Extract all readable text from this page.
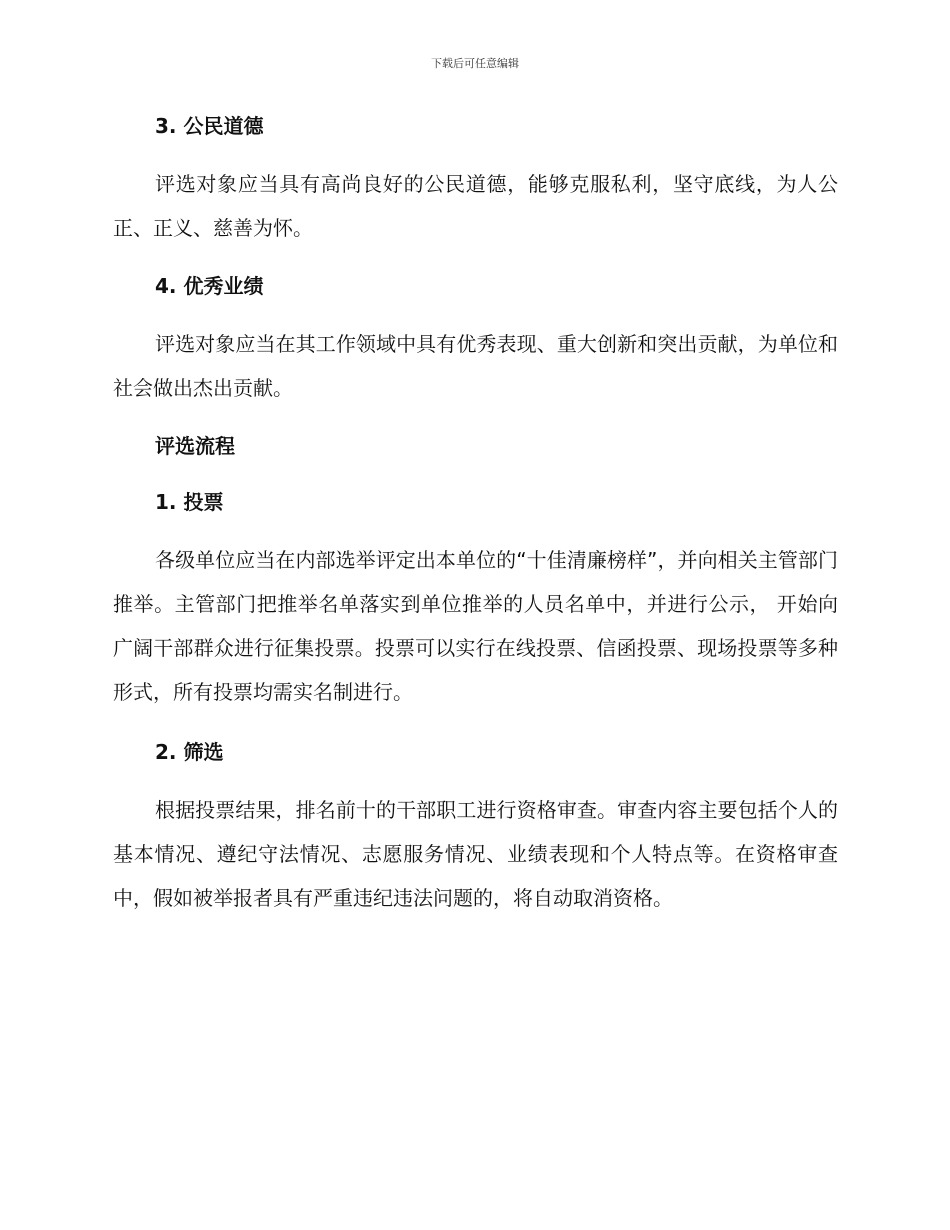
下载后可任意编辑
3. 公民道德

评选对象应当具有高尚良好的公民道德，能够克服私利，坚守底线，为人公正、正义、慈善为怀。

4. 优秀业绩

评选对象应当在其工作领域中具有优秀表现、重大创新和突出贡献，为单位和社会做出杰出贡献。

评选流程
1. 投票

各级单位应当在内部选举评定出本单位的“十佳清廉榜样”，并向相关主管部门推举。主管部门把推举名单落实到单位推举的人员名单中，并进行公示， 开始向广阔干部群众进行征集投票。投票可以实行在线投票、信函投票、现场投票等多种形式，所有投票均需实名制进行。

2. 筛选

根据投票结果，排名前十的干部职工进行资格审查。审查内容主要包括个人的基本情况、遵纪守法情况、志愿服务情况、业绩表现和个人特点等。在资格审查中，假如被举报者具有严重违纪违法问题的，将自动取消资格。
